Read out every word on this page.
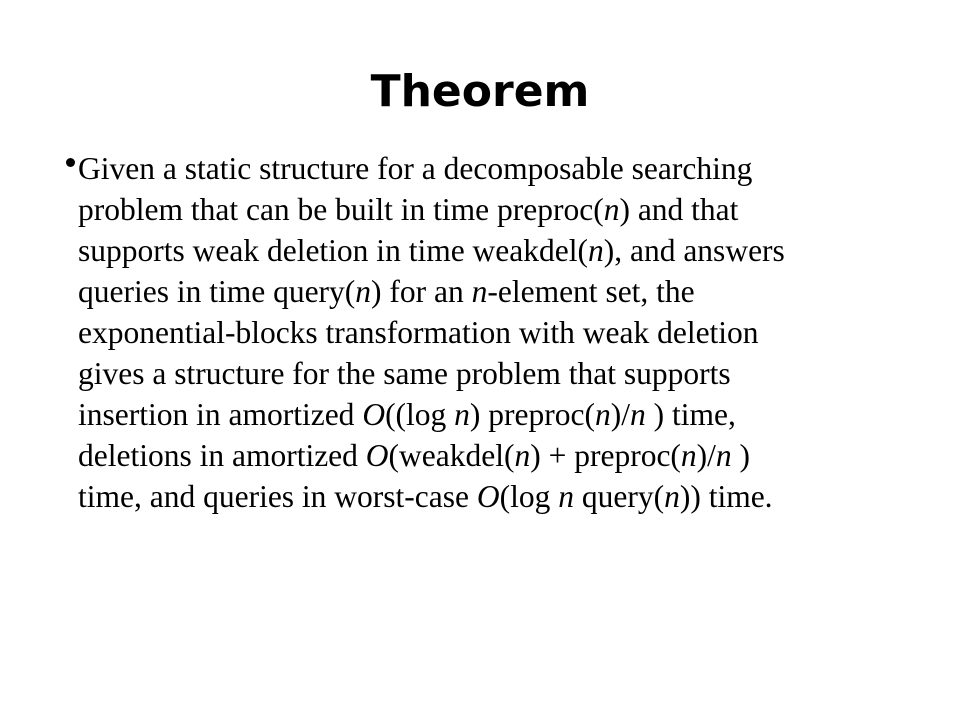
Theorem
Given a static structure for a decomposable searching
problem that can be built in time preproc(n) and that
supports weak deletion in time weakdel(n), and answers
queries in time query(n) for an n-element set, the
exponential-blocks transformation with weak deletion
gives a structure for the same problem that supports
insertion in amortized O((log n) preproc(n)/n ) time,
deletions in amortized O(weakdel(n) + preproc(n)/n )
time, and queries in worst-case O(log n query(n)) time.
